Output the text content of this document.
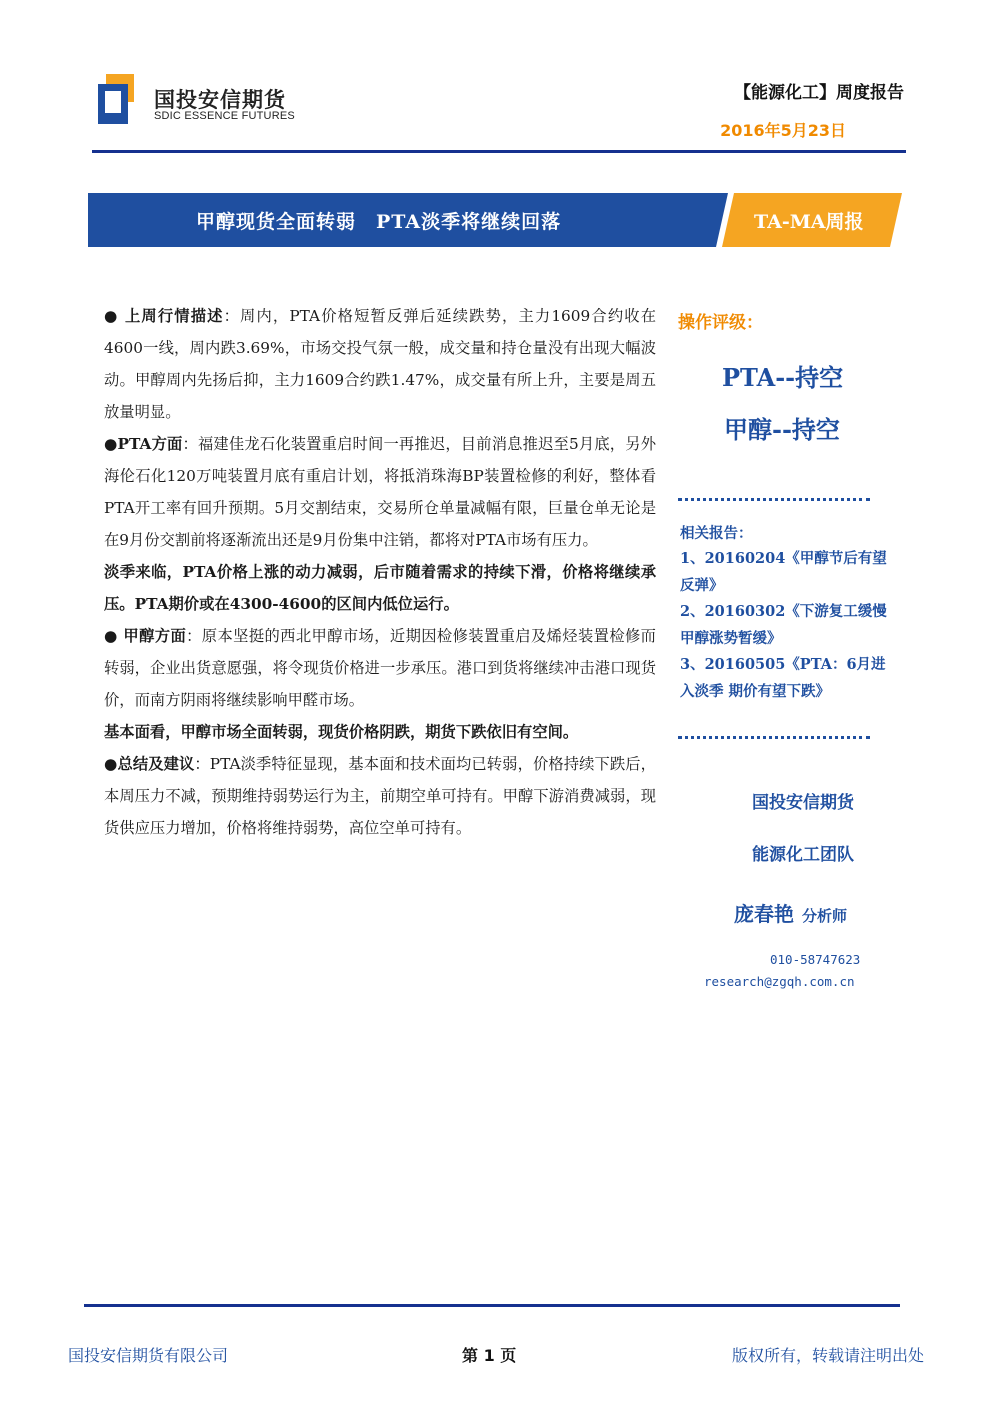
国投安信期货
SDIC ESSENCE FUTURES
【能源化工】周度报告
2016年5月23日
甲醇现货全面转弱　PTA淡季将继续回落	TA-MA周报

● 上周行情描述：周内，PTA价格短暂反弹后延续跌势，主力1609合约收在4600一线，周内跌3.69%，市场交投气氛一般，成交量和持仓量没有出现大幅波动。甲醇周内先扬后抑，主力1609合约跌1.47%，成交量有所上升，主要是周五放量明显。

●PTA方面：福建佳龙石化装置重启时间一再推迟，目前消息推迟至5月底，另外海伦石化120万吨装置月底有重启计划，将抵消珠海BP装置检修的利好，整体看PTA开工率有回升预期。5月交割结束，交易所仓单量减幅有限，巨量仓单无论是在9月份交割前将逐渐流出还是9月份集中注销，都将对PTA市场有压力。

淡季来临，PTA价格上涨的动力减弱，后市随着需求的持续下滑，价格将继续承压。PTA期价或在4300-4600的区间内低位运行。

● 甲醇方面：原本坚挺的西北甲醇市场，近期因检修装置重启及烯烃装置检修而转弱，企业出货意愿强，将令现货价格进一步承压。港口到货将继续冲击港口现货价，而南方阴雨将继续影响甲醛市场。

基本面看，甲醇市场全面转弱，现货价格阴跌，期货下跌依旧有空间。

●总结及建议：PTA淡季特征显现，基本面和技术面均已转弱，价格持续下跌后，本周压力不减，预期维持弱势运行为主，前期空单可持有。甲醇下游消费减弱，现货供应压力增加，价格将维持弱势，高位空单可持有。

操作评级：
PTA--持空
甲醇--持空
相关报告：
1、20160204《甲醇节后有望反弹》
2、20160302《下游复工缓慢 甲醇涨势暂缓》
3、20160505《PTA：6月进入淡季 期价有望下跌》
国投安信期货
能源化工团队
庞春艳 分析师
010-58747623
research@zgqh.com.cn
国投安信期货有限公司	第 1 页	版权所有，转载请注明出处
